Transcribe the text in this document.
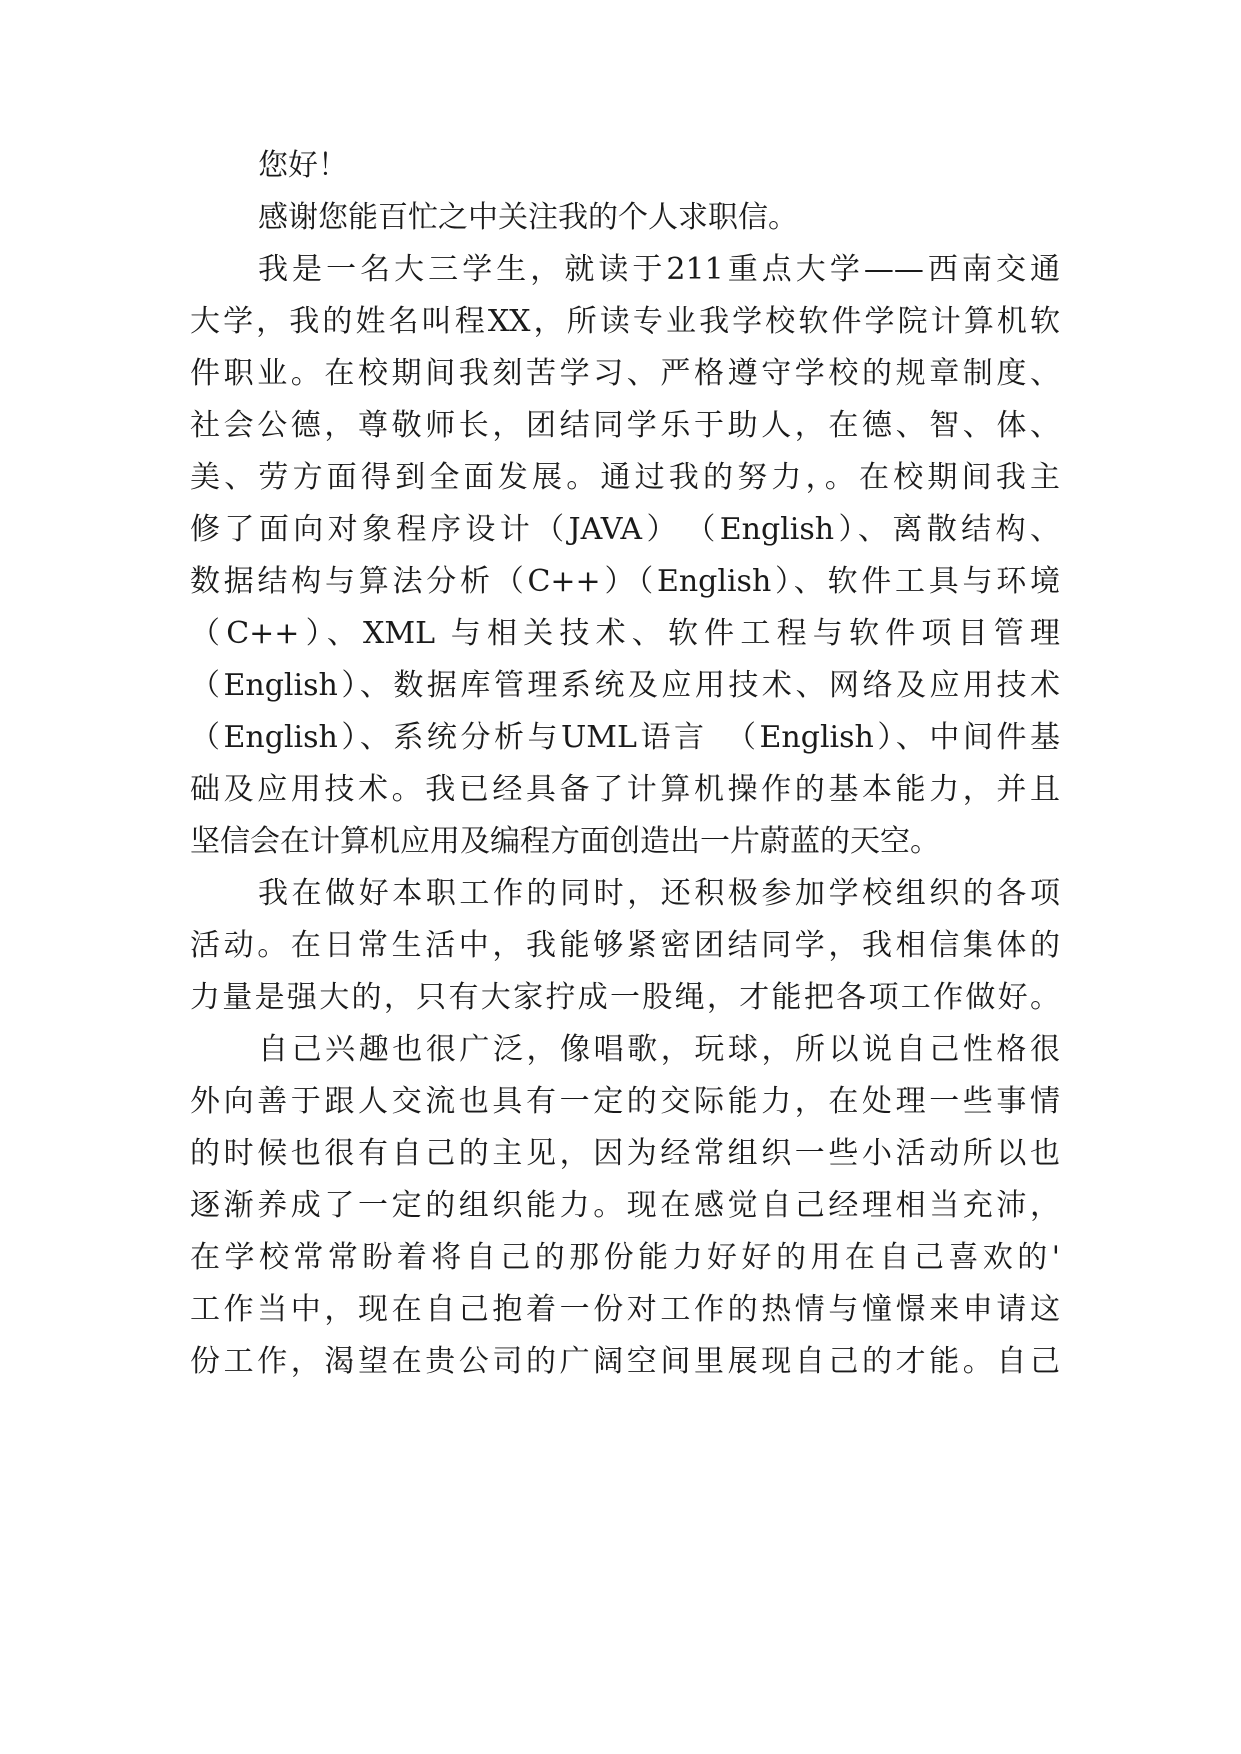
您好！

感谢您能百忙之中关注我的个人求职信。

我是一名大三学生，就读于211重点大学——西南交通

大学，我的姓名叫程XX，所读专业我学校软件学院计算机软

件职业。在校期间我刻苦学习、严格遵守学校的规章制度、

社会公德，尊敬师长，团结同学乐于助人，在德、智、体、

美、劳方面得到全面发展。通过我的努力，。在校期间我主

修了面向对象程序设计（JAVA）　（English）、离散结构、

数据结构与算法分析（C++）（English）、软件工具与环境

（C++）、XML 与相关技术、软件工程与软件项目管理

（English）、数据库管理系统及应用技术、网络及应用技术

（English）、系统分析与UML语言　（English）、中间件基

础及应用技术。我已经具备了计算机操作的基本能力，并且

坚信会在计算机应用及编程方面创造出一片蔚蓝的天空。

我在做好本职工作的同时，还积极参加学校组织的各项

活动。在日常生活中，我能够紧密团结同学，我相信集体的

力量是强大的，只有大家拧成一股绳，才能把各项工作做好。

自己兴趣也很广泛，像唱歌，玩球，所以说自己性格很

外向善于跟人交流也具有一定的交际能力，在处理一些事情

的时候也很有自己的主见，因为经常组织一些小活动所以也

逐渐养成了一定的组织能力。现在感觉自己经理相当充沛，

在学校常常盼着将自己的那份能力好好的用在自己喜欢的'

工作当中，现在自己抱着一份对工作的热情与憧憬来申请这

份工作，渴望在贵公司的广阔空间里展现自己的才能。自己
